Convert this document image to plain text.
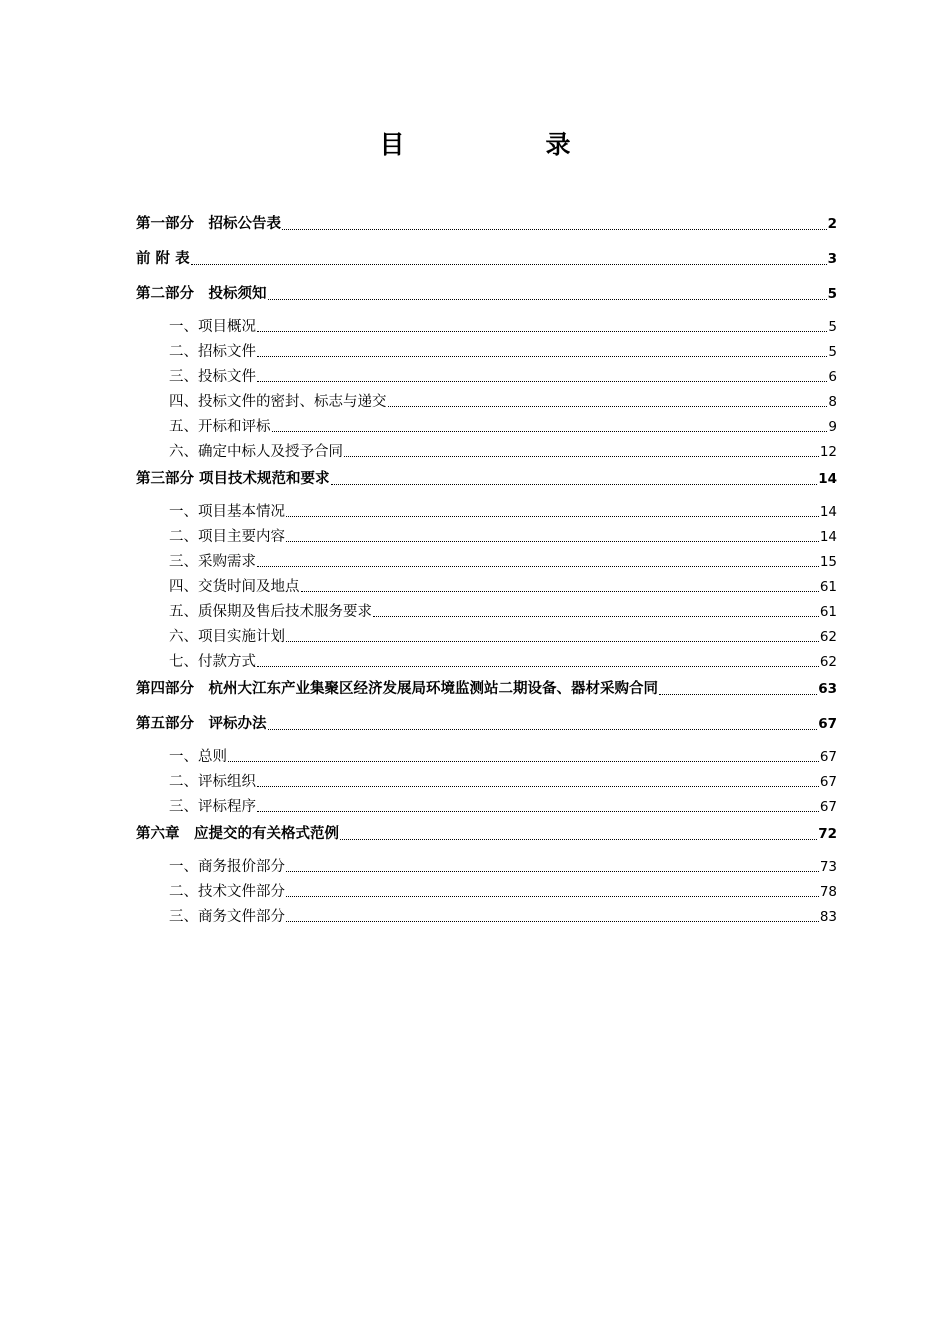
目　录
第一部分　招标公告表	2
前 附 表	3
第二部分　投标须知	5
一、项目概况	5
二、招标文件	5
三、投标文件	6
四、投标文件的密封、标志与递交	8
五、开标和评标	9
六、确定中标人及授予合同	12
第三部分 项目技术规范和要求	14
一、项目基本情况	14
二、项目主要内容	14
三、采购需求	15
四、交货时间及地点	61
五、质保期及售后技术服务要求	61
六、项目实施计划	62
七、付款方式	62
第四部分　杭州大江东产业集聚区经济发展局环境监测站二期设备、器材采购合同	63
第五部分　评标办法	67
一、总则	67
二、评标组织	67
三、评标程序	67
第六章　应提交的有关格式范例	72
一、商务报价部分	73
二、技术文件部分	78
三、商务文件部分	83
